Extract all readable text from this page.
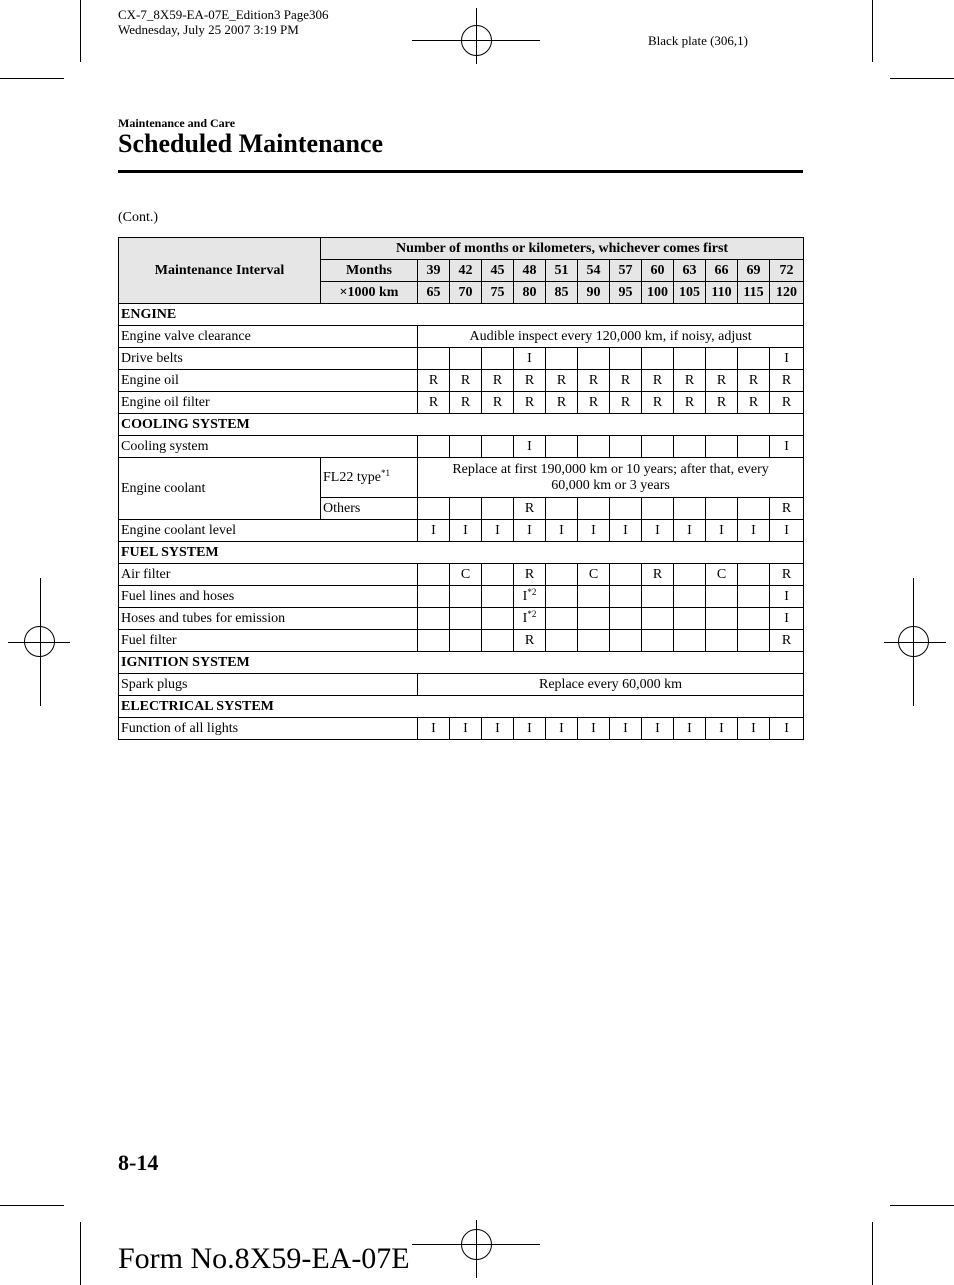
CX-7_8X59-EA-07E_Edition3 Page306
Wednesday, July 25 2007 3:19 PM
Black plate (306,1)
Maintenance and Care
Scheduled Maintenance
(Cont.)
Maintenance Interval	Number of months or kilometers, whichever comes first												
	Months	39	42	45	48	51	54	57	60	63	66	69	72
	×1000 km	65	70	75	80	85	90	95	100	105	110	115	120
ENGINE													
Engine valve clearance		Audible inspect every 120,000 km, if noisy, adjust											
Drive belts					I								I
Engine oil		R	R	R	R	R	R	R	R	R	R	R	R
Engine oil filter		R	R	R	R	R	R	R	R	R	R	R	R
COOLING SYSTEM													
Cooling system					I								I
Engine coolant	FL22 type$^{*1}$	Replace at first 190,000 km or 10 years; after that, every
60,000 km or 3 years											

	Others				R								R
Engine coolant level		I	I	I	I	I	I	I	I	I	I	I	I
FUEL SYSTEM													
Air filter			C		R		C		R		C		R
Fuel lines and hoses					$I^{*2}$								I
Hoses and tubes for emission					$I^{*2}$								I
Fuel filter					R								R
IGNITION SYSTEM													
Spark plugs		Replace every 60,000 km											
ELECTRICAL SYSTEM													
Function of all lights		I	I	I	I	I	I	I	I	I	I	I	I
8-14
Form No.8X59-EA-07E
